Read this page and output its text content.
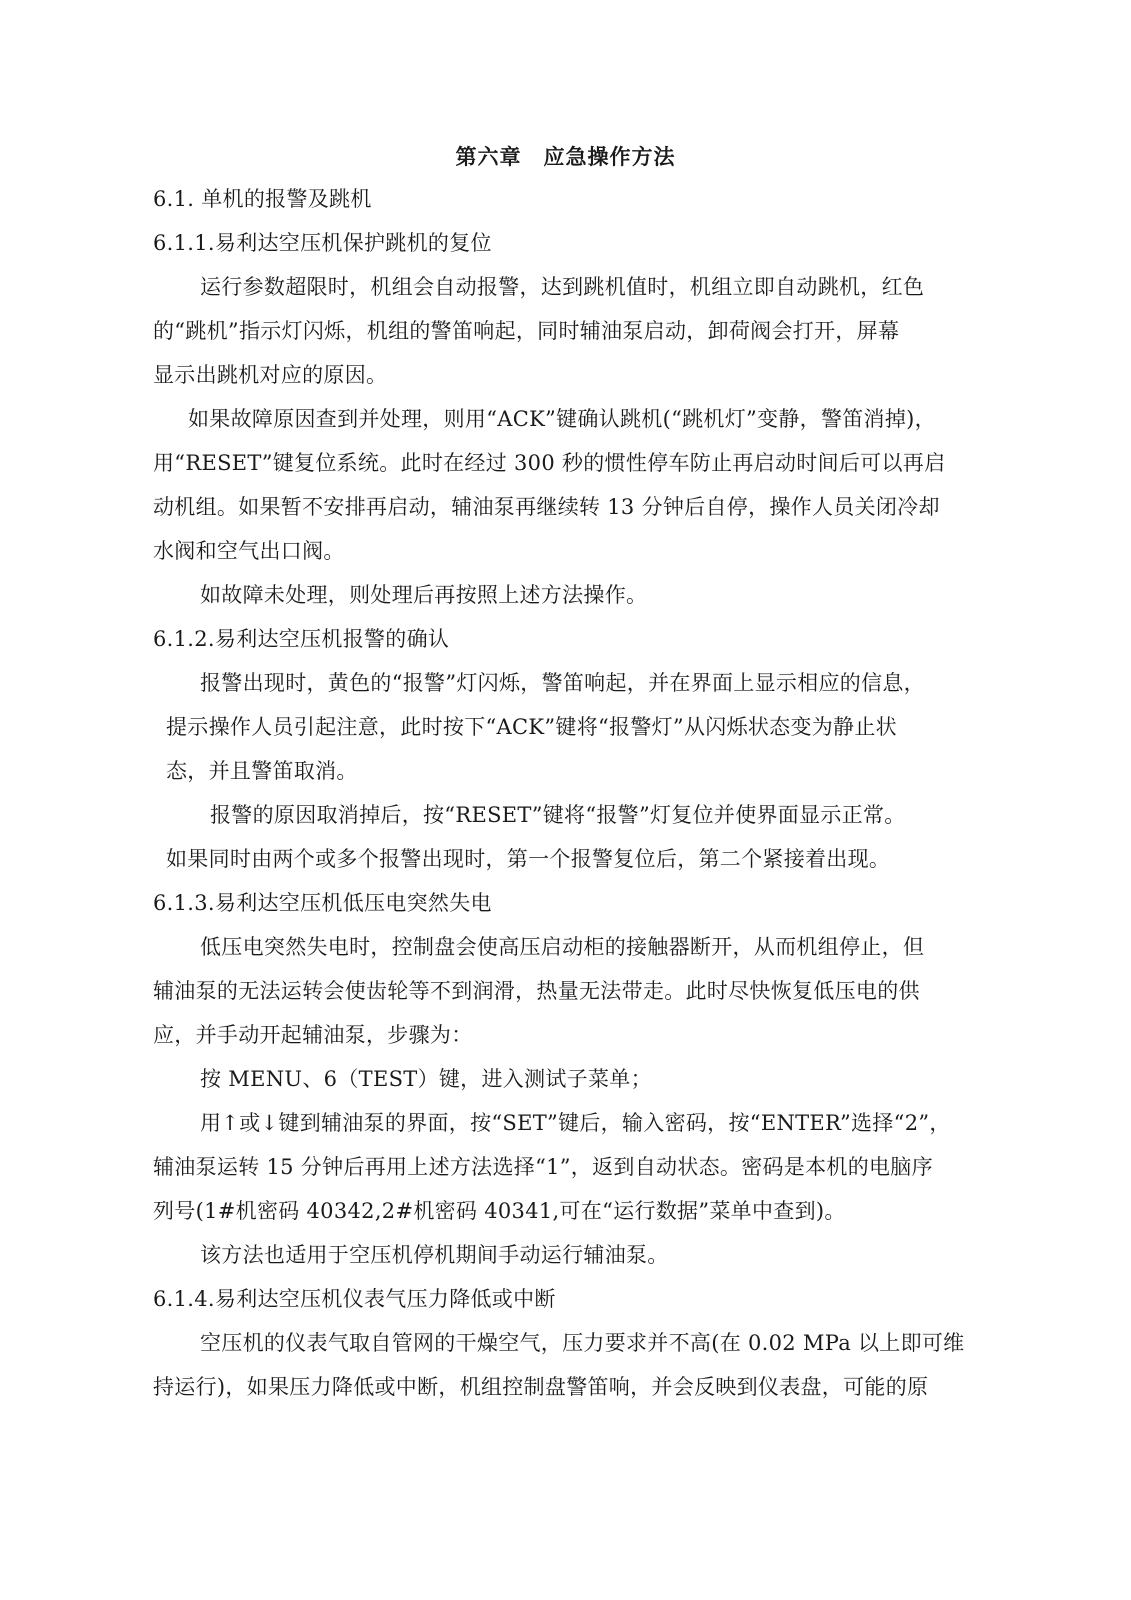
第六章　应急操作方法
6.1. 单机的报警及跳机
6.1.1.易利达空压机保护跳机的复位
运行参数超限时，机组会自动报警，达到跳机值时，机组立即自动跳机，红色
的“跳机”指示灯闪烁，机组的警笛响起，同时辅油泵启动，卸荷阀会打开，屏幕
显示出跳机对应的原因。
如果故障原因查到并处理，则用“ACK”键确认跳机(“跳机灯”变静，警笛消掉)，
用“RESET”键复位系统。此时在经过 300 秒的惯性停车防止再启动时间后可以再启
动机组。如果暂不安排再启动，辅油泵再继续转 13 分钟后自停，操作人员关闭冷却
水阀和空气出口阀。
如故障未处理，则处理后再按照上述方法操作。
6.1.2.易利达空压机报警的确认
报警出现时，黄色的“报警”灯闪烁，警笛响起，并在界面上显示相应的信息，
提示操作人员引起注意，此时按下“ACK”键将“报警灯”从闪烁状态变为静止状
态，并且警笛取消。
报警的原因取消掉后，按“RESET”键将“报警”灯复位并使界面显示正常。
如果同时由两个或多个报警出现时，第一个报警复位后，第二个紧接着出现。
6.1.3.易利达空压机低压电突然失电
低压电突然失电时，控制盘会使高压启动柜的接触器断开，从而机组停止，但
辅油泵的无法运转会使齿轮等不到润滑，热量无法带走。此时尽快恢复低压电的供
应，并手动开起辅油泵，步骤为：
按 MENU、6（TEST）键，进入测试子菜单；
用↑或↓键到辅油泵的界面，按“SET”键后，输入密码，按“ENTER”选择“2”，
辅油泵运转 15 分钟后再用上述方法选择“1”，返到自动状态。密码是本机的电脑序
列号(1#机密码 40342,2#机密码 40341,可在“运行数据”菜单中查到)。
该方法也适用于空压机停机期间手动运行辅油泵。
6.1.4.易利达空压机仪表气压力降低或中断
空压机的仪表气取自管网的干燥空气，压力要求并不高(在 0.02 MPa 以上即可维
持运行)，如果压力降低或中断，机组控制盘警笛响，并会反映到仪表盘，可能的原
